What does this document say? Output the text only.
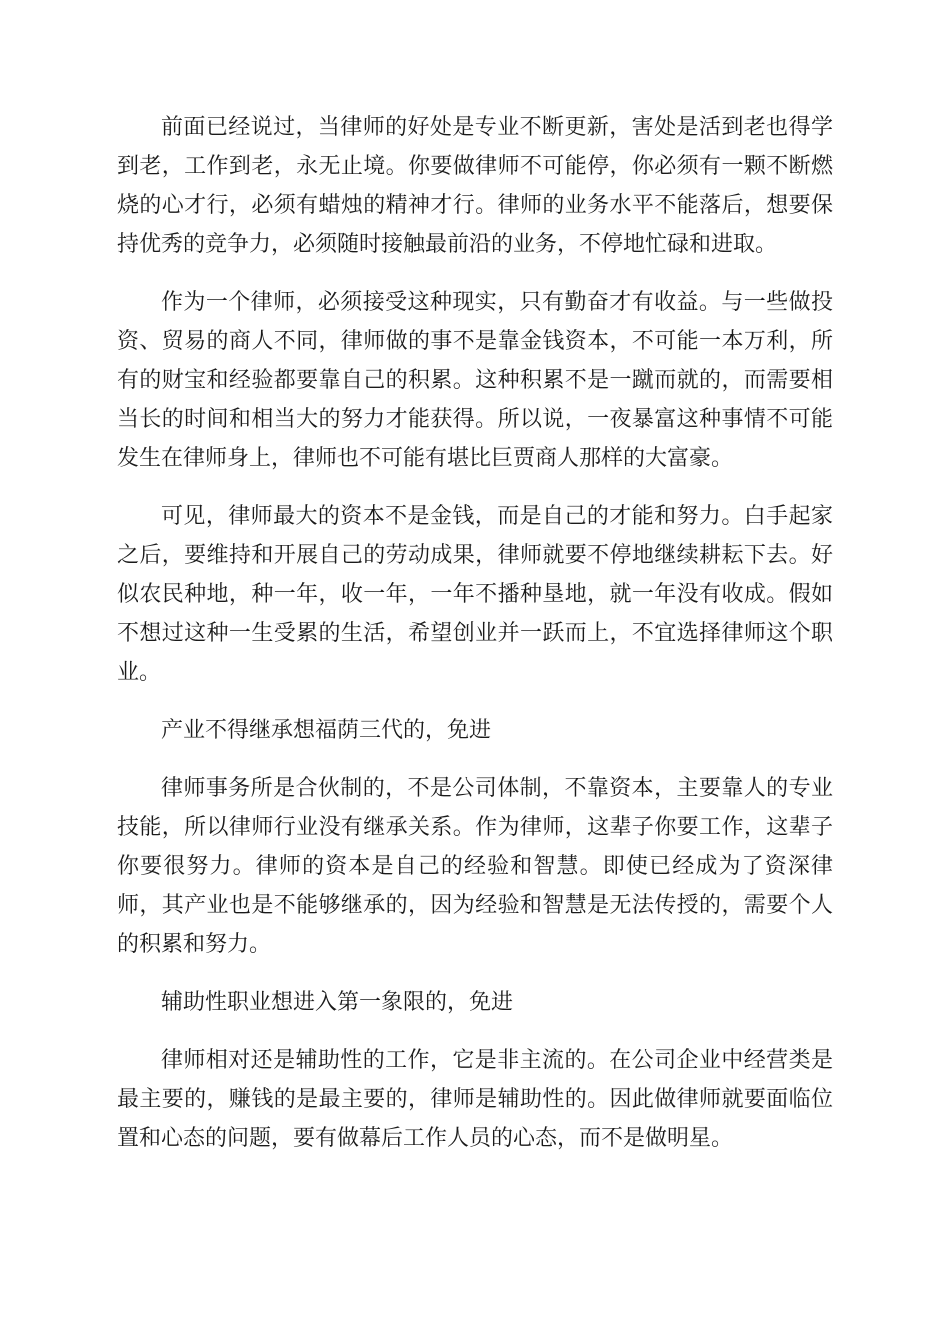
前面已经说过，当律师的好处是专业不断更新，害处是活到老也得学到老，工作到老，永无止境。你要做律师不可能停，你必须有一颗不断燃烧的心才行，必须有蜡烛的精神才行。律师的业务水平不能落后，想要保持优秀的竞争力，必须随时接触最前沿的业务，不停地忙碌和进取。

作为一个律师，必须接受这种现实，只有勤奋才有收益。与一些做投资、贸易的商人不同，律师做的事不是靠金钱资本，不可能一本万利，所有的财宝和经验都要靠自己的积累。这种积累不是一蹴而就的，而需要相当长的时间和相当大的努力才能获得。所以说，一夜暴富这种事情不可能发生在律师身上，律师也不可能有堪比巨贾商人那样的大富豪。

可见，律师最大的资本不是金钱，而是自己的才能和努力。白手起家之后，要维持和开展自己的劳动成果，律师就要不停地继续耕耘下去。好似农民种地，种一年，收一年，一年不播种垦地，就一年没有收成。假如不想过这种一生受累的生活，希望创业并一跃而上，不宜选择律师这个职业。

产业不得继承想福荫三代的，免进

律师事务所是合伙制的，不是公司体制，不靠资本，主要靠人的专业技能，所以律师行业没有继承关系。作为律师，这辈子你要工作，这辈子你要很努力。律师的资本是自己的经验和智慧。即使已经成为了资深律师，其产业也是不能够继承的，因为经验和智慧是无法传授的，需要个人的积累和努力。

辅助性职业想进入第一象限的，免进

律师相对还是辅助性的工作，它是非主流的。在公司企业中经营类是最主要的，赚钱的是最主要的，律师是辅助性的。因此做律师就要面临位置和心态的问题，要有做幕后工作人员的心态，而不是做明星。
